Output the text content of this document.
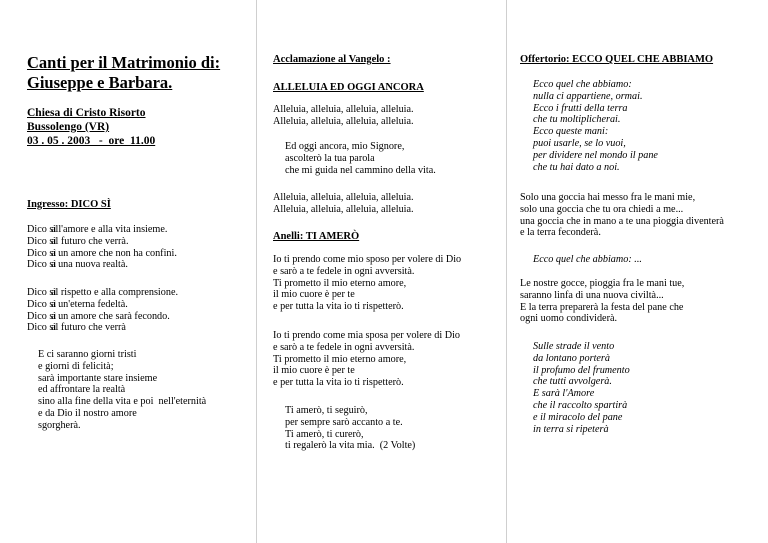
Canti per il Matrimonio di:
Giuseppe e Barbara.
Chiesa di Cristo Risorto
Bussolengo (VR)
03 . 05 . 2003   -  ore  11.00
Ingresso: DICO SÌ
Dico sì
all'amore e alla vita insieme.
Dico sì
al futuro che verrà.
Dico sì
a un amore che non ha confini.
Dico sì
a una nuova realtà.
Dico sì
al rispetto e alla comprensione.
Dico sì
a un'eterna fedeltà.
Dico sì
a un amore che sarà fecondo.
Dico sì
al futuro che verrà
E ci saranno giorni tristi
e giorni di felicità;
sarà importante stare insieme
ed affrontare la realtà
sino alla fine della vita e poi  nell'eternità
e da Dio il nostro amore
sgorgherà.
Acclamazione al Vangelo :
ALLELUIA ED OGGI ANCORA
Alleluia, alleluia, alleluia, alleluia.
Alleluia, alleluia, alleluia, alleluia.
Ed oggi ancora, mio Signore,
ascolterò la tua parola
che mi guida nel cammino della vita.
Alleluia, alleluia, alleluia, alleluia.
Alleluia, alleluia, alleluia, alleluia.
Anelli: TI AMERÒ
Io ti prendo come mio sposo per volere di Dio
e sarò a te fedele in ogni avversità.
Ti prometto il mio eterno amore,
il mio cuore è per te
e per tutta la vita io ti rispetterò.
Io ti prendo come mia sposa per volere di Dio
e sarò a te fedele in ogni avversità.
Ti prometto il mio eterno amore,
il mio cuore è per te
e per tutta la vita io ti rispetterò.
Ti amerò, ti seguirò,
per sempre sarò accanto a te.
Ti amerò, ti curerò,
ti regalerò la vita mia.  (2 Volte)
Offertorio: ECCO QUEL CHE ABBIAMO
Ecco quel che abbiamo:
nulla ci appartiene, ormai.
Ecco i frutti della terra
che tu moltiplicherai.
Ecco queste mani:
puoi usarle, se lo vuoi,
per dividere nel mondo il pane
che tu hai dato a noi.
Solo una goccia hai messo fra le mani mie,
solo una goccia che tu ora chiedi a me...
una goccia che in mano a te una pioggia diventerà
e la terra feconderà.
Ecco quel che abbiamo: ...
Le nostre gocce, pioggia fra le mani tue,
saranno linfa di una nuova civiltà...
E la terra preparerà la festa del pane che
ogni uomo condividerà.
Sulle strade il vento
da lontano porterà
il profumo del frumento
che tutti avvolgerà.
E sarà l'Amore
che il raccolto spartirà
e il miracolo del pane
in terra si ripeterà
